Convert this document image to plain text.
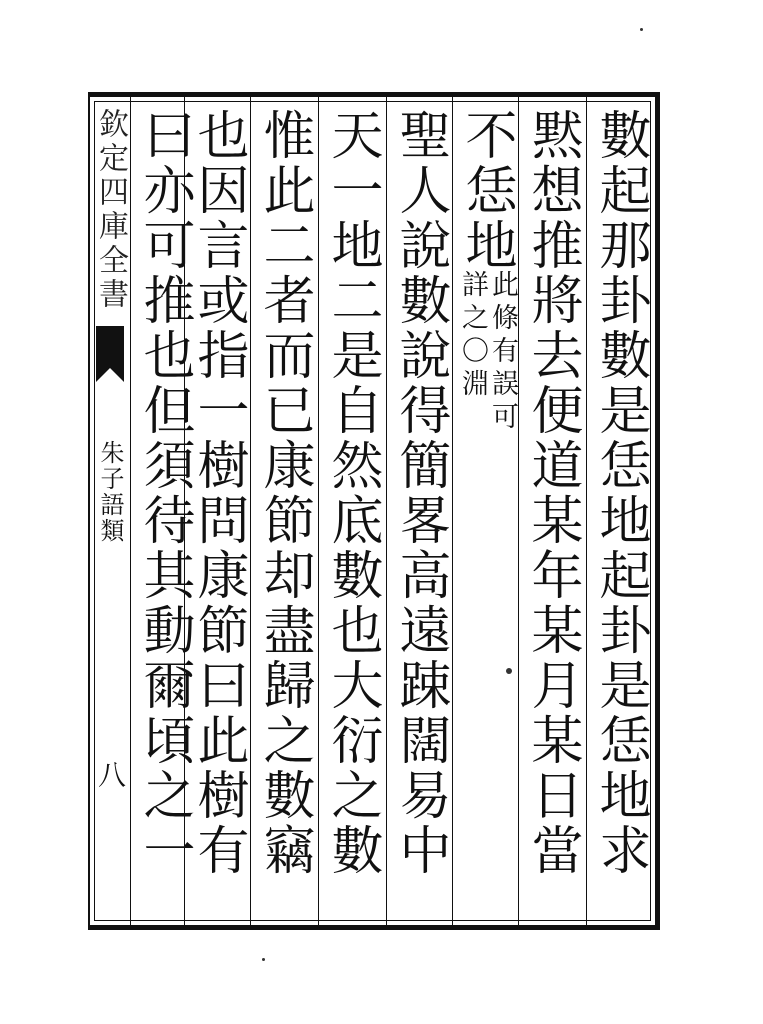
欽定四庫全書
朱子語類
八
數起那卦數是恁地起卦是恁地求
黙想推將去便道某年某月某日當
不恁地
此條有誤可
詳之〇淵
聖人說數說得簡畧高遠踈闊易中
天一地二是自然底數也大衍之數
惟此二者而已康節却盡歸之數竊
也因言或指一樹問康節曰此樹有
曰亦可推也但須待其動爾頃之一
